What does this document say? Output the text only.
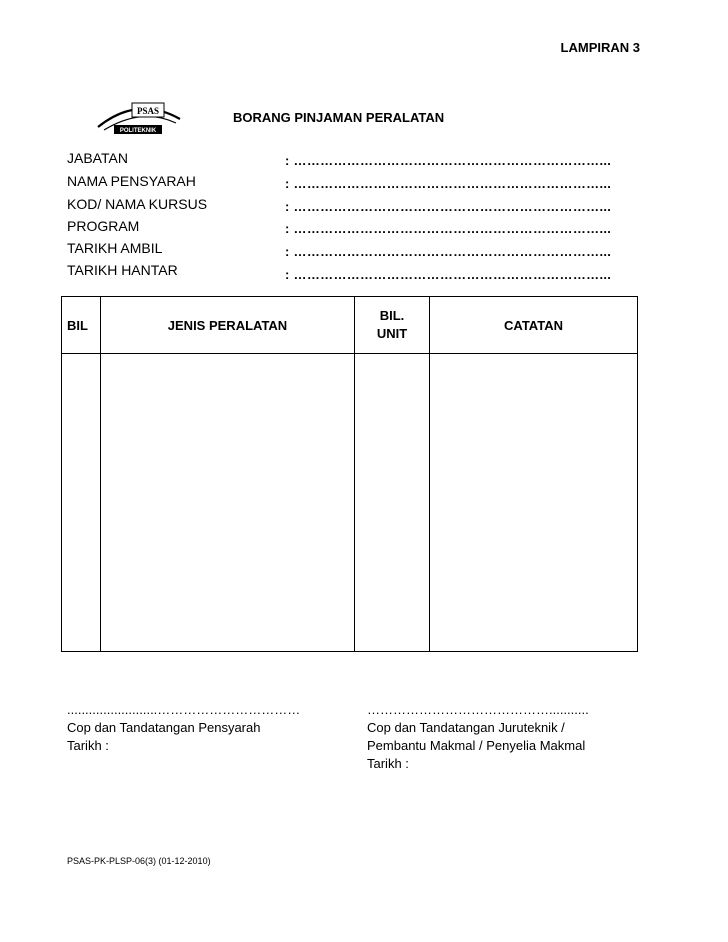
LAMPIRAN 3
PSAS
POLITEKNIK
BORANG PINJAMAN PERALATAN
JABATAN	: ……………………………………………………………...
NAMA PENSYARAH	: ……………………………………………………………...
KOD/ NAMA KURSUS	: ……………………………………………………………...
PROGRAM	: ……………………………………………………………...
TARIKH AMBIL	: ……………………………………………………………...
TARIKH HANTAR	: ……………………………………………………………...
BIL	JENIS PERALATAN	BIL. UNIT	CATATAN

.........................……………………………
Cop dan Tandatangan Pensyarah
Tarikh :
……………………………………...........
Cop dan Tandatangan Juruteknik /
Pembantu Makmal / Penyelia Makmal
Tarikh :
PSAS-PK-PLSP-06(3) (01-12-2010)
